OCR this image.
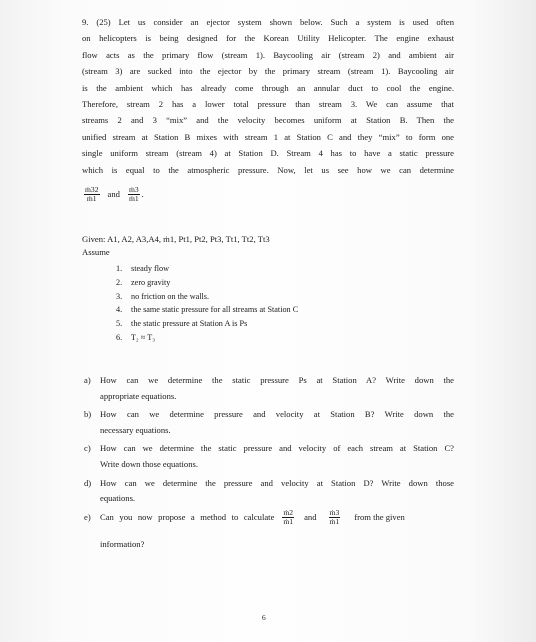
9. (25) Let us consider an ejector system shown below. Such a system is used often
on helicopters is being designed for the Korean Utility Helicopter. The engine exhaust
flow acts as the primary flow (stream 1). Baycooling air (stream 2) and ambient air
(stream 3) are sucked into the ejector by the primary stream (stream 1). Baycooling air
is the ambient which has already come through an annular duct to cool the engine.
Therefore, stream 2 has a lower total pressure than stream 3. We can assume that
streams 2 and 3 “mix” and the velocity becomes uniform at Station B. Then the
unified stream at Station B mixes with stream 1 at Station C and they “mix” to form one
single uniform stream (stream 4) at Station D. Stream 4 has to have a static pressure
which is equal to the atmospheric pressure. Now, let us see how we can determine
$\frac{\text{ṁ32}}{\text{ṁ1}}$ and $\frac{\text{ṁ3}}{\text{ṁ1}}$ .
Given: A1, A2, A3,A4, ṁ1, Pt1, Pt2, Pt3, Tt1, Tt2, Tt3
Assume
1. steady flow
2. zero gravity
3. no friction on the walls.
4. the same static pressure for all streams at Station C
5. the static pressure at Station A is Ps
6. T₂ ≈ T₃
a) How can we determine the static pressure Ps at Station A? Write down the
appropriate equations.
b) How can we determine pressure and velocity at Station B? Write down the
necessary equations.
c) How can we determine the static pressure and velocity of each stream at Station C?
Write down those equations.
d) How can we determine the pressure and velocity at Station D? Write down those
equations.
e)	Can you now propose a method to calculate $\frac{\text{ṁ2}}{\text{ṁ1}}$ and $\frac{\text{ṁ3}}{\text{ṁ1}}$ from the given
information?
6
